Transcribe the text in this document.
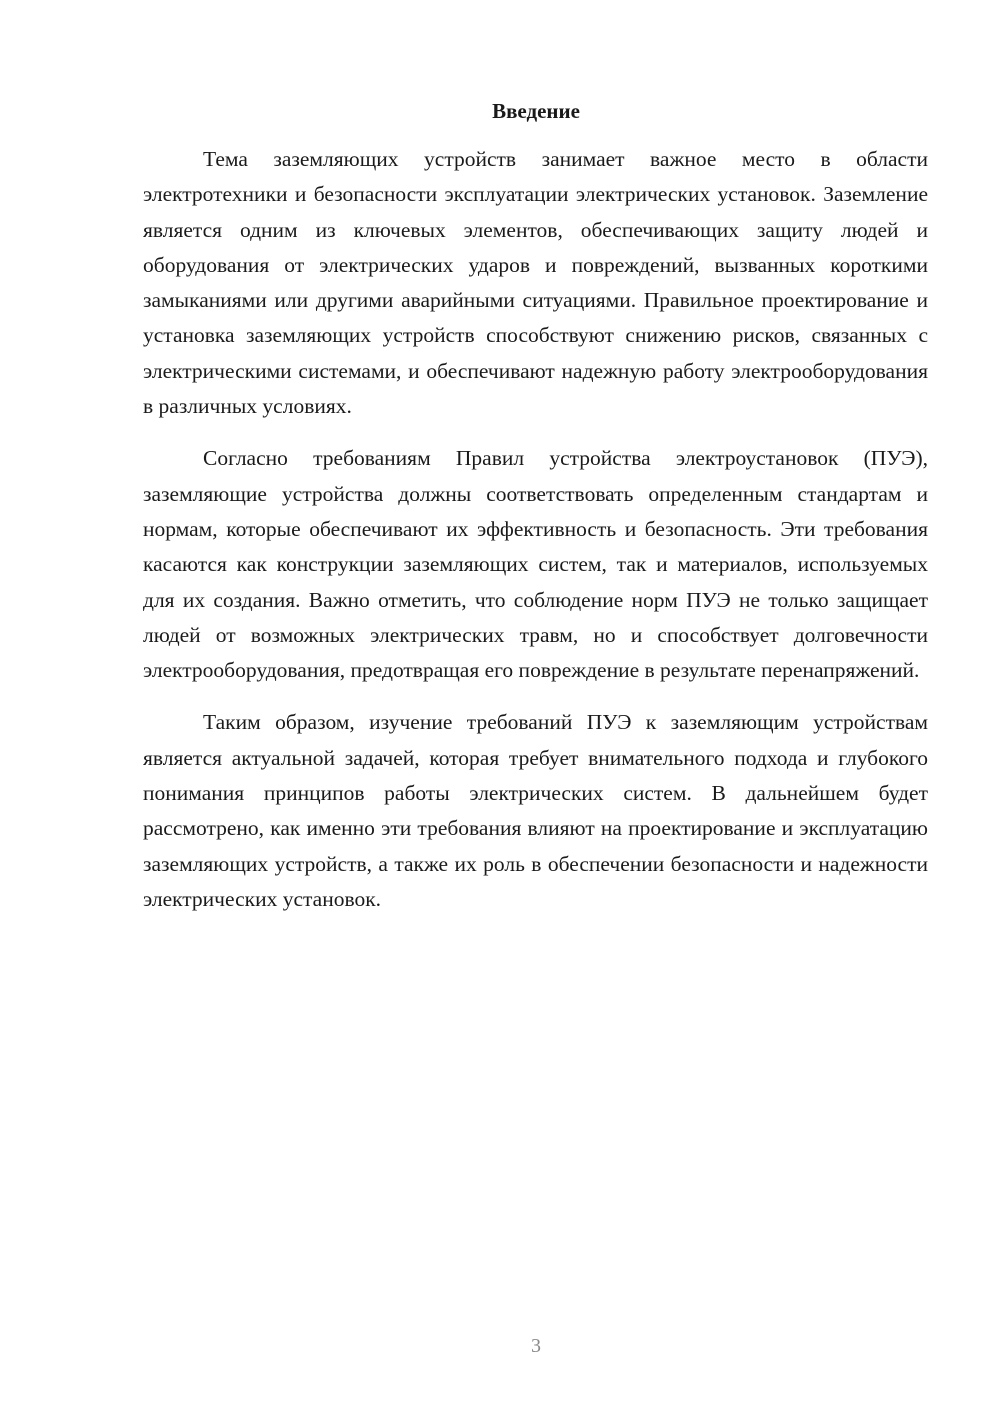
Введение

Тема заземляющих устройств занимает важное место в области электротехники и безопасности эксплуатации электрических установок. Заземление является одним из ключевых элементов, обеспечивающих защиту людей и оборудования от электрических ударов и повреждений, вызванных короткими замыканиями или другими аварийными ситуациями. Правильное проектирование и установка заземляющих устройств способствуют снижению рисков, связанных с электрическими системами, и обеспечивают надежную работу электрооборудования в различных условиях.

Согласно требованиям Правил устройства электроустановок (ПУЭ), заземляющие устройства должны соответствовать определенным стандартам и нормам, которые обеспечивают их эффективность и безопасность. Эти требования касаются как конструкции заземляющих систем, так и материалов, используемых для их создания. Важно отметить, что соблюдение норм ПУЭ не только защищает людей от возможных электрических травм, но и способствует долговечности электрооборудования, предотвращая его повреждение в результате перенапряжений.

Таким образом, изучение требований ПУЭ к заземляющим устройствам является актуальной задачей, которая требует внимательного подхода и глубокого понимания принципов работы электрических систем. В дальнейшем будет рассмотрено, как именно эти требования влияют на проектирование и эксплуатацию заземляющих устройств, а также их роль в обеспечении безопасности и надежности электрических установок.

3
